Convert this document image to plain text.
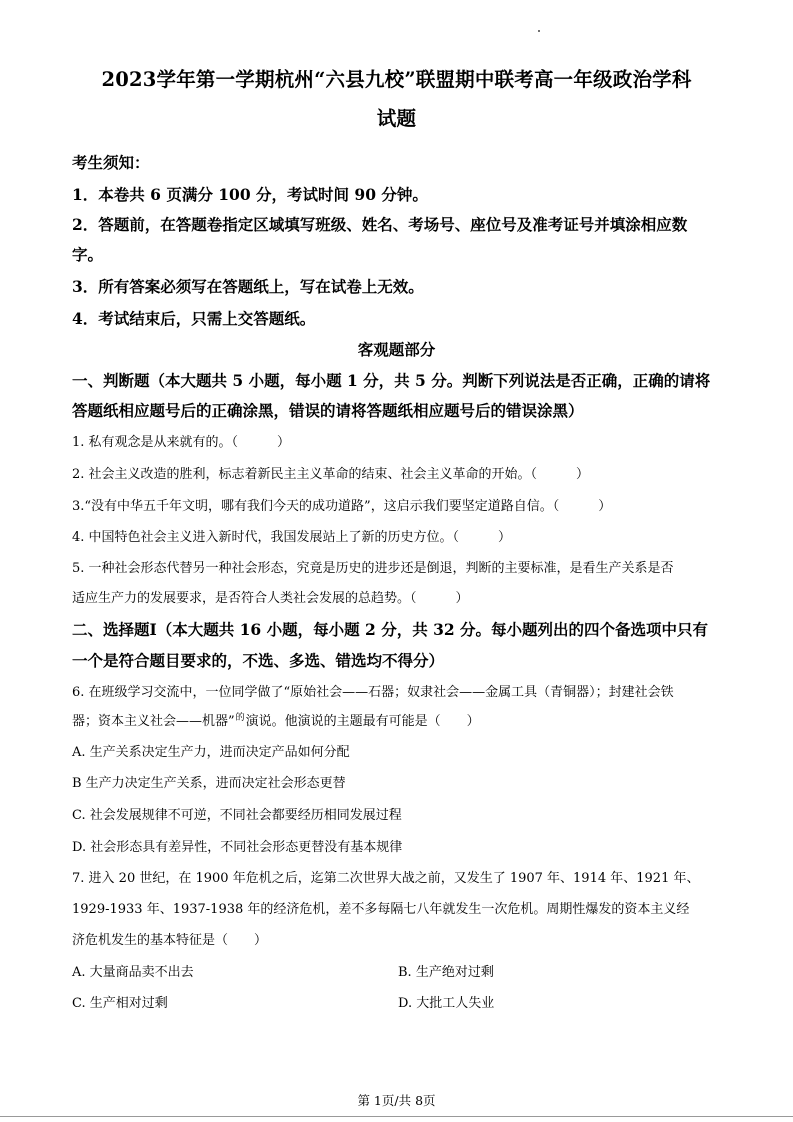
2023学年第一学期杭州“六县九校”联盟期中联考高一年级政治学科
试题
考生须知：
1．本卷共 6 页满分 100 分，考试时间 90 分钟。
2．答题前，在答题卷指定区域填写班级、姓名、考场号、座位号及准考证号并填涂相应数
字。
3．所有答案必须写在答题纸上，写在试卷上无效。
4．考试结束后，只需上交答题纸。
客观题部分
一、判断题（本大题共 5 小题，每小题 1 分，共 5 分。判断下列说法是否正确，正确的请将
答题纸相应题号后的正确涂黑，错误的请将答题纸相应题号后的错误涂黑）
1. 私有观念是从来就有的。（　　　）
2. 社会主义改造的胜利，标志着新民主主义革命的结束、社会主义革命的开始。（　　　）
3.“没有中华五千年文明，哪有我们今天的成功道路”，这启示我们要坚定道路自信。（　　　）
4. 中国特色社会主义进入新时代，我国发展站上了新的历史方位。（　　　）
5. 一种社会形态代替另一种社会形态，究竟是历史的进步还是倒退，判断的主要标准，是看生产关系是否
适应生产力的发展要求，是否符合人类社会发展的总趋势。（　　　）
二、选择题Ⅰ（本大题共 16 小题，每小题 2 分，共 32 分。每小题列出的四个备选项中只有
一个是符合题目要求的，不选、多选、错选均不得分）
6. 在班级学习交流中，一位同学做了“原始社会——石器；奴隶社会——金属工具（青铜器）；封建社会铁
器；资本主义社会——机器”$^的$演说。他演说的主题最有可能是（　　）
A. 生产关系决定生产力，进而决定产品如何分配
B 生产力决定生产关系，进而决定社会形态更替
C. 社会发展规律不可逆，不同社会都要经历相同发展过程
D. 社会形态具有差异性，不同社会形态更替没有基本规律
7. 进入 20 世纪，在 1900 年危机之后，迄第二次世界大战之前，又发生了 1907 年、1914 年、1921 年、
1929-1933 年、1937-1938 年的经济危机，差不多每隔七八年就发生一次危机。周期性爆发的资本主义经
济危机发生的基本特征是（　　）
A. 大量商品卖不出去	B. 生产绝对过剩
C. 生产相对过剩	D. 大批工人失业
第 1页/共 8页
